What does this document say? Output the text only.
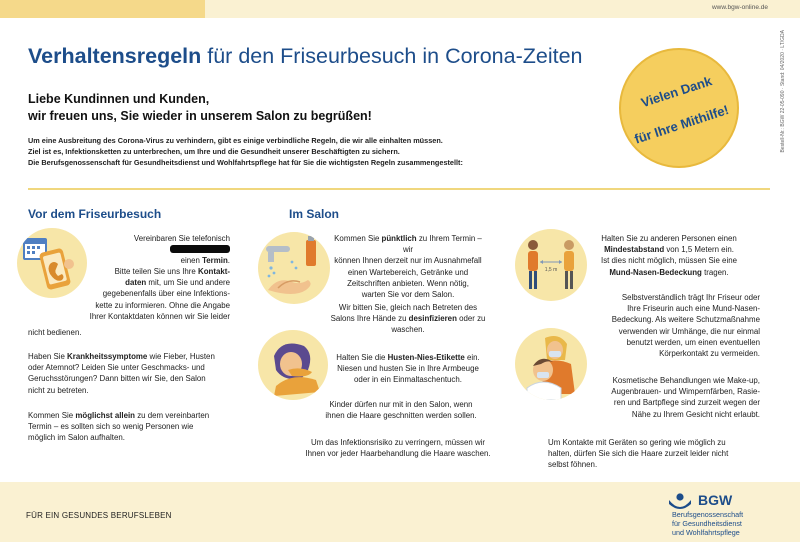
www.bgw-online.de
Verhaltensregeln für den Friseurbesuch in Corona-Zeiten	Bestell-Nr.: BGW 22-05-090 · Stand: 04/2020 · LT/GDA
Vielen Dank

für Ihre Mithilfe!
Liebe Kundinnen und Kunden,
wir freuen uns, Sie wieder in unserem Salon zu begrüßen!
Um eine Ausbreitung des Corona-Virus zu verhindern, gibt es einige verbindliche Regeln, die wir alle einhalten müssen.
Ziel ist es, Infektionsketten zu unterbrechen, um Ihre und die Gesundheit unserer Beschäftigten zu sichern.
Die Berufsgenossenschaft für Gesundheitsdienst und Wohlfahrtspflege hat für Sie die wichtigsten Regeln zusammengestellt:
Vor dem Friseurbesuch
Vereinbaren Sie telefonisch
einen Termin.
Bitte teilen Sie uns Ihre Kontakt-
daten mit, um Sie und andere
gegebenenfalls über eine Infektions-
kette zu informieren. Ohne die Angabe
Ihrer Kontaktdaten können wir Sie leider

nicht bedienen.
Haben Sie Krankheitssymptome wie Fieber, Husten
oder Atemnot? Leiden Sie unter Geschmacks- und
Geruchsstörungen? Dann bitten wir Sie, den Salon
nicht zu betreten.
Kommen Sie möglichst allein zu dem vereinbarten
Termin – es sollten sich so wenig Personen wie
möglich im Salon aufhalten.
Im Salon
Kommen Sie pünktlich zu Ihrem Termin – wir
können Ihnen derzeit nur im Ausnahmefall
einen Wartebereich, Getränke und
Zeitschriften anbieten. Wenn nötig,
warten Sie vor dem Salon.
Wir bitten Sie, gleich nach Betreten des
Salons Ihre Hände zu desinfizieren oder zu
waschen.
Halten Sie die Husten-Nies-Etikette ein.
Niesen und husten Sie in Ihre Armbeuge
oder in ein Einmaltaschentuch.
Kinder dürfen nur mit in den Salon, wenn
ihnen die Haare geschnitten werden sollen.
Um das Infektionsrisiko zu verringern, müssen wir
Ihnen vor jeder Haarbehandlung die Haare waschen.
1,5 m
Halten Sie zu anderen Personen einen
Mindestabstand von 1,5 Metern ein.
Ist dies nicht möglich, müssen Sie eine
Mund-Nasen-Bedeckung tragen.
Selbstverständlich trägt Ihr Friseur oder
Ihre Friseurin auch eine Mund-Nasen-
Bedeckung. Als weitere Schutzmaßnahme
verwenden wir Umhänge, die nur einmal
benutzt werden, um einen eventuellen
Körperkontakt zu vermeiden.
Kosmetische Behandlungen wie Make-up,
Augenbrauen- und Wimpernfärben, Rasie-
ren und Bartpflege sind zurzeit wegen der
Nähe zu Ihrem Gesicht nicht erlaubt.
Um Kontakte mit Geräten so gering wie möglich zu
halten, dürfen Sie sich die Haare zurzeit leider nicht
selbst föhnen.
FÜR EIN GESUNDES BERUFSLEBEN
BGW
Berufsgenossenschaft
für Gesundheitsdienst
und Wohlfahrtspflege
